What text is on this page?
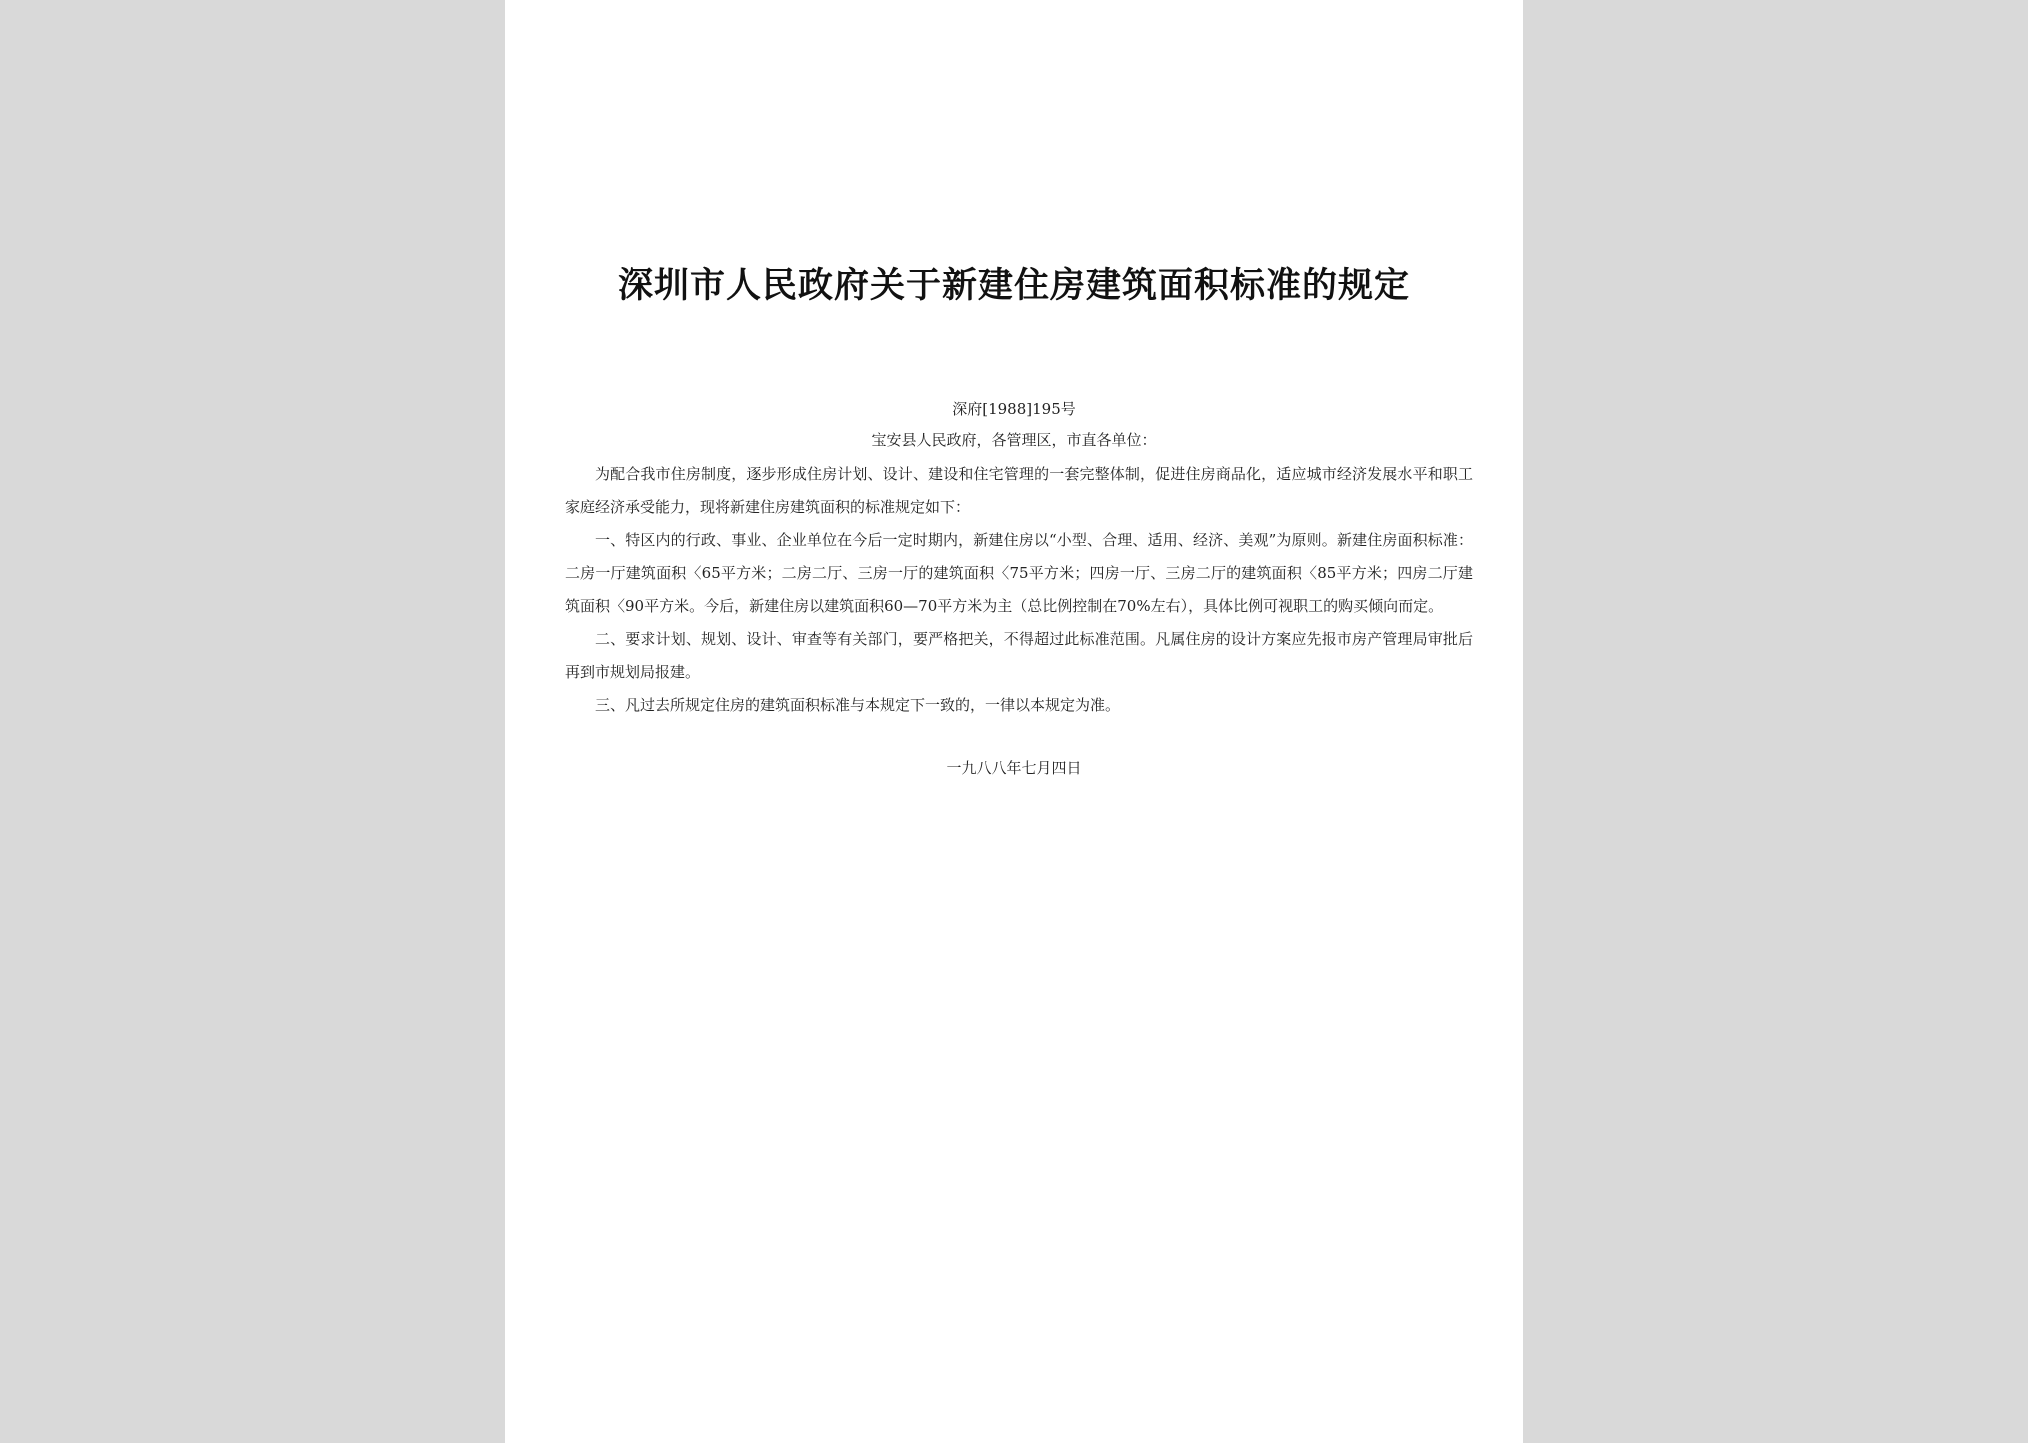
深圳市人民政府关于新建住房建筑面积标准的规定
深府[1988]195号
宝安县人民政府，各管理区，市直各单位：

为配合我市住房制度，逐步形成住房计划、设计、建设和住宅管理的一套完整体制，促进住房商品化，适应城市经济发展水平和职工家庭经济承受能力，现将新建住房建筑面积的标准规定如下：

一、特区内的行政、事业、企业单位在今后一定时期内，新建住房以“小型、合理、适用、经济、美观”为原则。新建住房面积标准：二房一厅建筑面积〈65平方米；二房二厅、三房一厅的建筑面积〈75平方米；四房一厅、三房二厅的建筑面积〈85平方米；四房二厅建筑面积〈90平方米。今后，新建住房以建筑面积60—70平方米为主（总比例控制在70%左右），具体比例可视职工的购买倾向而定。

二、要求计划、规划、设计、审查等有关部门，要严格把关，不得超过此标准范围。凡属住房的设计方案应先报市房产管理局审批后再到市规划局报建。

三、凡过去所规定住房的建筑面积标准与本规定下一致的，一律以本规定为准。

一九八八年七月四日
